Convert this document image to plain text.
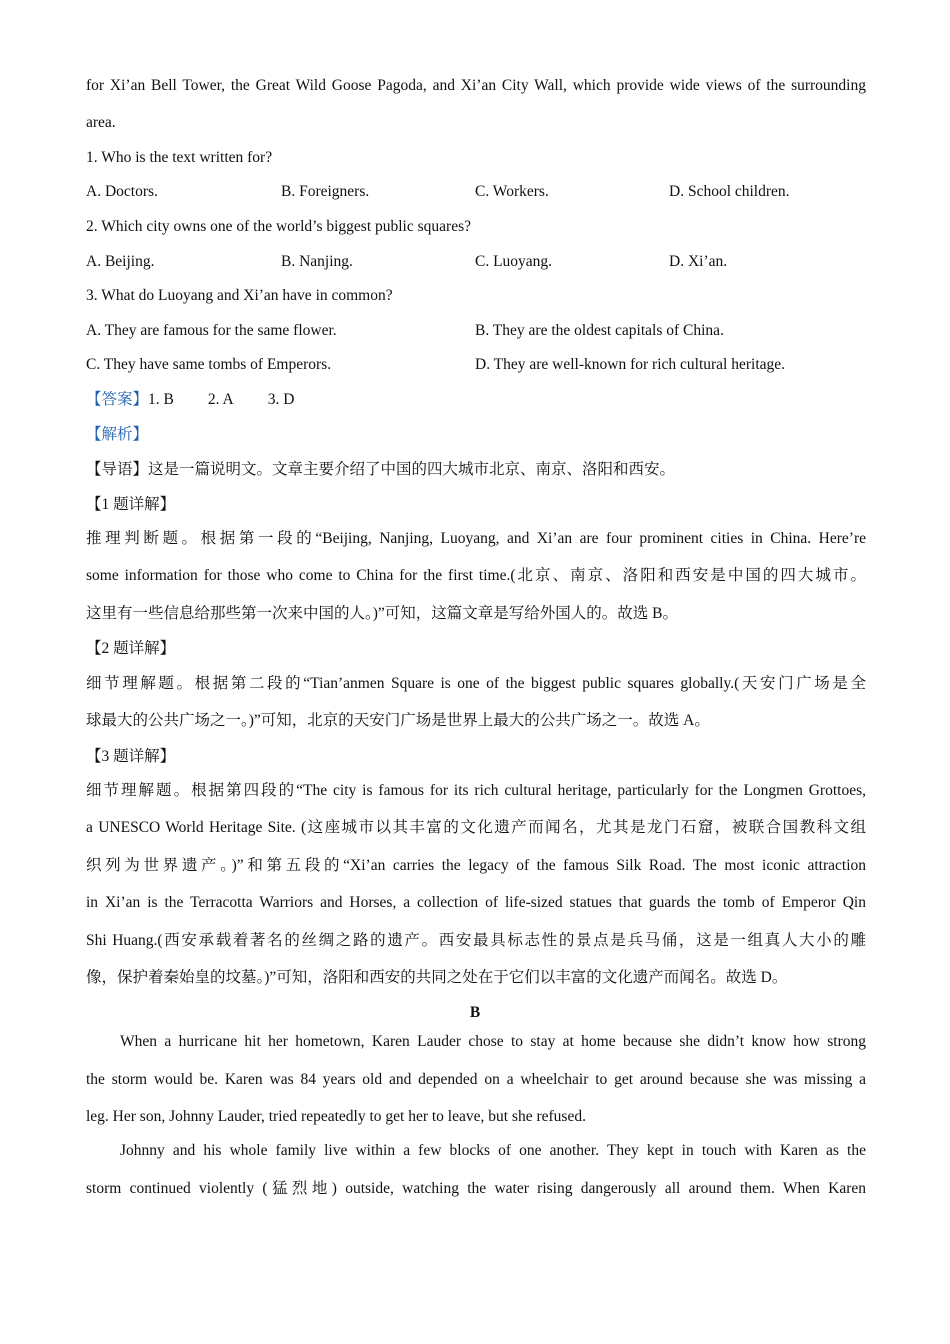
for Xi’an Bell Tower, the Great Wild Goose Pagoda, and Xi’an City Wall, which provide wide views of the surrounding
area.
1. Who is the text written for?
A. Doctors.	B. Foreigners.	C. Workers.	D. School children.
2. Which city owns one of the world’s biggest public squares?
A. Beijing.	B. Nanjing.	C. Luoyang.	D. Xi’an.
3. What do Luoyang and Xi’an have in common?
A. They are famous for the same flower.	B. They are the oldest capitals of China.
C. They have same tombs of Emperors.	D. They are well-known for rich cultural heritage.
【答案】1. B 2. A 3. D
【解析】
【导语】这是一篇说明文。文章主要介绍了中国的四大城市北京、南京、洛阳和西安。
【1 题详解】
推理判断题。根据第一段的“Beijing, Nanjing, Luoyang, and Xi’an are four prominent cities in China. Here’re
some information for those who come to China for the first time.(北京、南京、洛阳和西安是中国的四大城市。
这里有一些信息给那些第一次来中国的人。)”可知，这篇文章是写给外国人的。故选 B。
【2 题详解】
细节理解题。根据第二段的“Tian’anmen Square is one of the biggest public squares globally.(天安门广场是全
球最大的公共广场之一。)”可知，北京的天安门广场是世界上最大的公共广场之一。故选 A。
【3 题详解】
细节理解题。根据第四段的“The city is famous for its rich cultural heritage, particularly for the Longmen Grottoes,
a UNESCO World Heritage Site. (这座城市以其丰富的文化遗产而闻名，尤其是龙门石窟，被联合国教科文组
织列为世界遗产。)”和第五段的“Xi’an carries the legacy of the famous Silk Road. The most iconic attraction
in Xi’an is the Terracotta Warriors and Horses, a collection of life-sized statues that guards the tomb of Emperor Qin
Shi Huang.(西安承载着著名的丝绸之路的遗产。西安最具标志性的景点是兵马俑，这是一组真人大小的雕
像，保护着秦始皇的坟墓。)”可知，洛阳和西安的共同之处在于它们以丰富的文化遗产而闻名。故选 D。
B
When a hurricane hit her hometown, Karen Lauder chose to stay at home because she didn’t know how strong
the storm would be. Karen was 84 years old and depended on a wheelchair to get around because she was missing a
leg. Her son, Johnny Lauder, tried repeatedly to get her to leave, but she refused.
Johnny and his whole family live within a few blocks of one another. They kept in touch with Karen as the
storm continued violently (猛烈地) outside, watching the water rising dangerously all around them. When Karen
